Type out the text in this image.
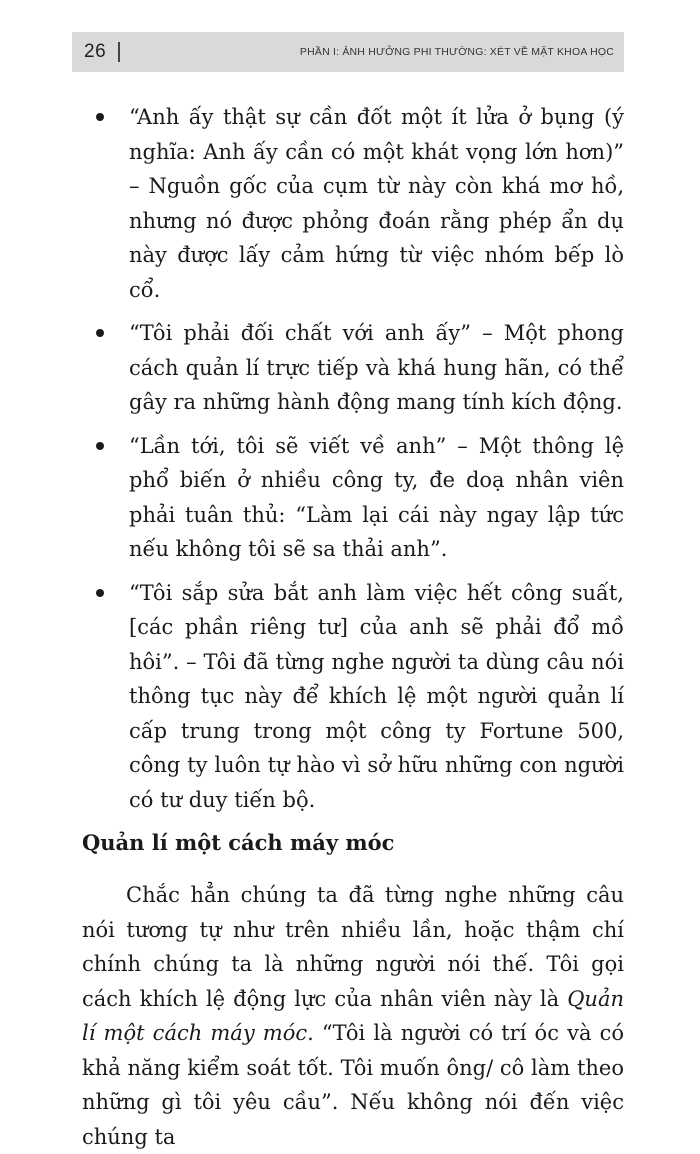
26	PHẦN I: ẢNH HƯỞNG PHI THƯỜNG: XÉT VỀ MẶT KHOA HỌC
“Anh ấy thật sự cần đốt một ít lửa ở bụng (ý nghĩa: Anh ấy cần có một khát vọng lớn hơn)” – Nguồn gốc của cụm từ này còn khá mơ hồ, nhưng nó được phỏng đoán rằng phép ẩn dụ này được lấy cảm hứng từ việc nhóm bếp lò cổ.
“Tôi phải đối chất với anh ấy” – Một phong cách quản lí trực tiếp và khá hung hãn, có thể gây ra những hành động mang tính kích động.
“Lần tới, tôi sẽ viết về anh” – Một thông lệ phổ biến ở nhiều công ty, đe doạ nhân viên phải tuân thủ: “Làm lại cái này ngay lập tức nếu không tôi sẽ sa thải anh”.
“Tôi sắp sửa bắt anh làm việc hết công suất, [các phần riêng tư] của anh sẽ phải đổ mồ hôi”. – Tôi đã từng nghe người ta dùng câu nói thông tục này để khích lệ một người quản lí cấp trung trong một công ty Fortune 500, công ty luôn tự hào vì sở hữu những con người có tư duy tiến bộ.
Quản lí một cách máy móc

Chắc hẳn chúng ta đã từng nghe những câu nói tương tự như trên nhiều lần, hoặc thậm chí chính chúng ta là những người nói thế. Tôi gọi cách khích lệ động lực của nhân viên này là Quản lí một cách máy móc. “Tôi là người có trí óc và có khả năng kiểm soát tốt. Tôi muốn ông/ cô làm theo những gì tôi yêu cầu”. Nếu không nói đến việc chúng ta
